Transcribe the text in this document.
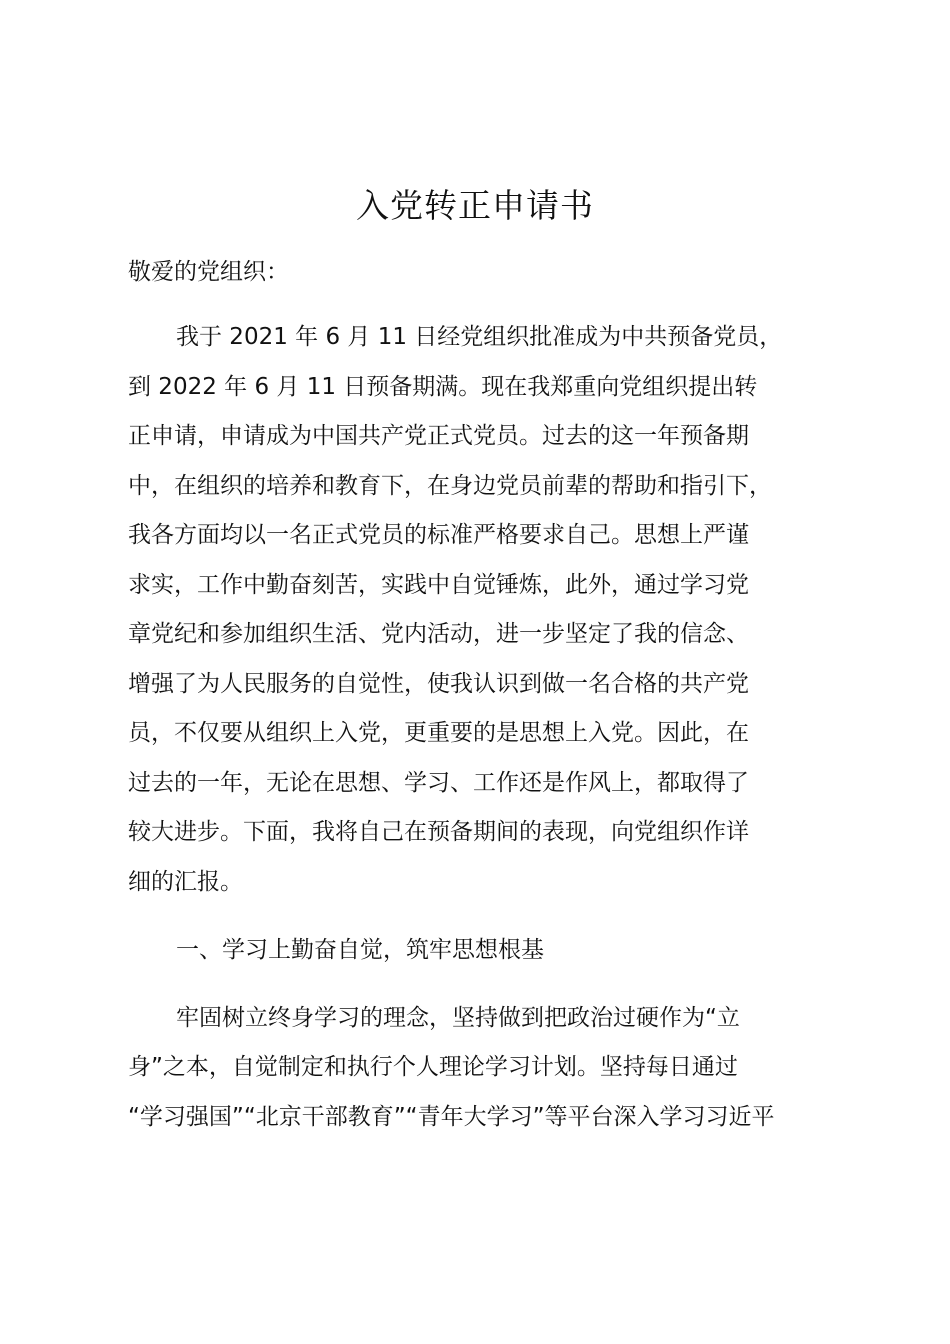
入党转正申请书
敬爱的党组织：
我于 2021 年 6 月 11 日经党组织批准成为中共预备党员，
到 2022 年 6 月 11 日预备期满。现在我郑重向党组织提出转
正申请，申请成为中国共产党正式党员。过去的这一年预备期
中，在组织的培养和教育下，在身边党员前辈的帮助和指引下，
我各方面均以一名正式党员的标准严格要求自己。思想上严谨
求实，工作中勤奋刻苦，实践中自觉锤炼，此外，通过学习党
章党纪和参加组织生活、党内活动，进一步坚定了我的信念、
增强了为人民服务的自觉性，使我认识到做一名合格的共产党
员，不仅要从组织上入党，更重要的是思想上入党。因此，在
过去的一年，无论在思想、学习、工作还是作风上，都取得了
较大进步。下面，我将自己在预备期间的表现，向党组织作详
细的汇报。
一、学习上勤奋自觉，筑牢思想根基
牢固树立终身学习的理念，坚持做到把政治过硬作为“立
身”之本，自觉制定和执行个人理论学习计划。坚持每日通过
“学习强国”“北京干部教育”“青年大学习”等平台深入学习习近平
